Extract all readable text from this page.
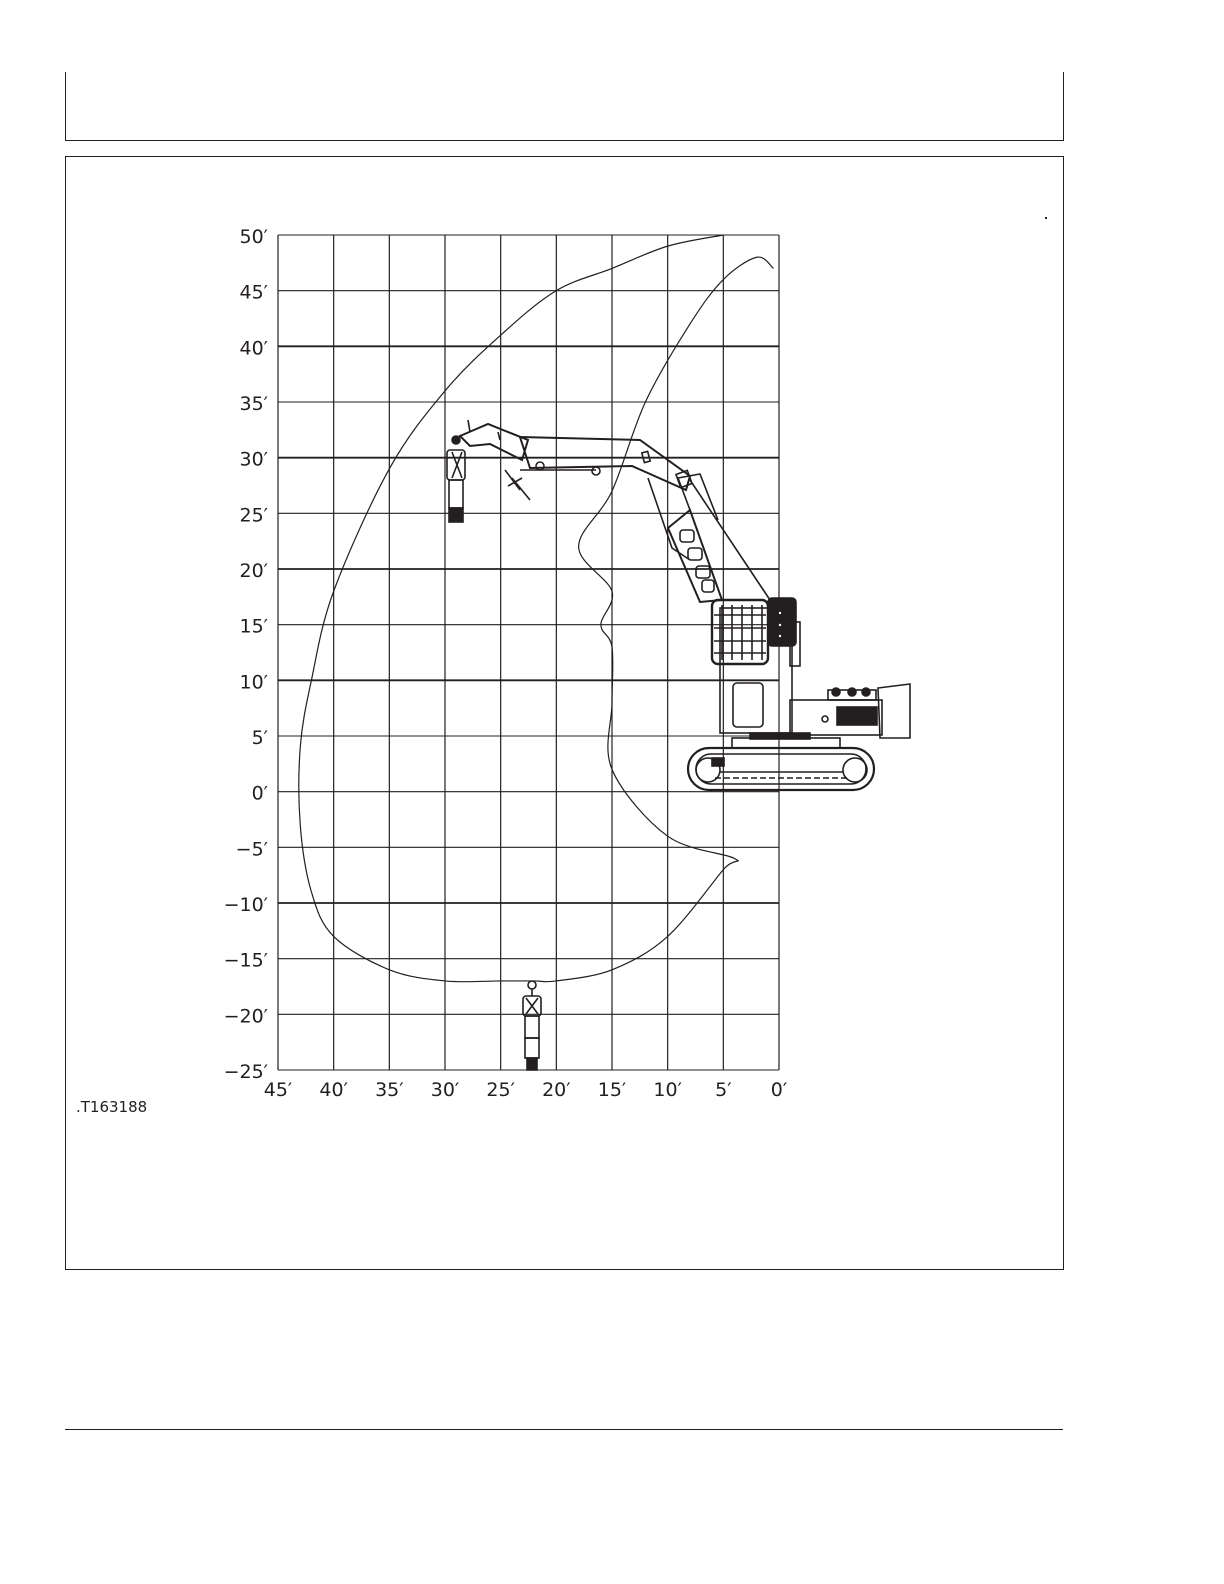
50′
45′
40′
35′
30′
25′
20′
15′
10′
5′
0′
−5′
−10′
−15′
−20′
−25′
45′ 40′ 35′ 30′ 25′ 20′ 15′ 10′ 5′ 0′
.T163188
